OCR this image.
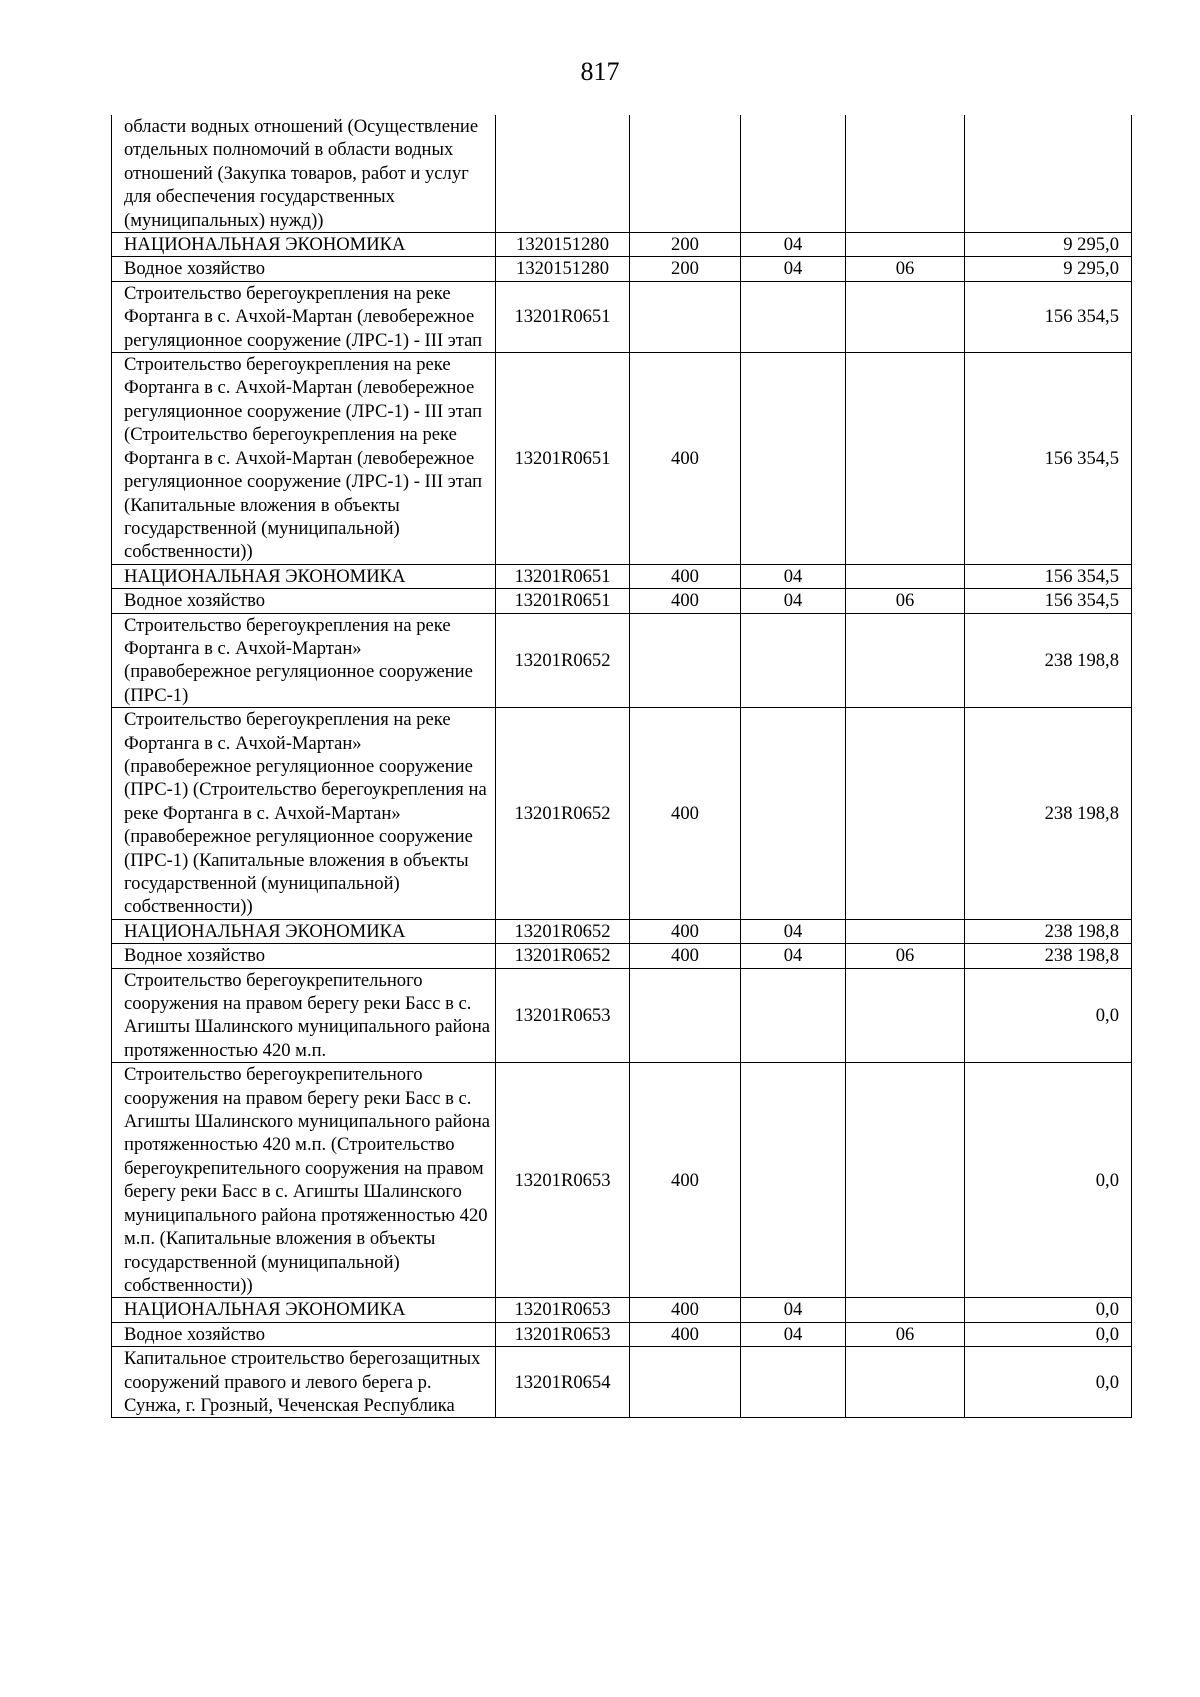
817
области водных отношений (Осуществление отдельных полномочий в области водных отношений (Закупка товаров, работ и услуг для обеспечения государственных (муниципальных) нужд))					
НАЦИОНАЛЬНАЯ ЭКОНОМИКА	1320151280	200	04		9 295,0
Водное хозяйство	1320151280	200	04	06	9 295,0
Строительство берегоукрепления на реке Фортанга в с. Ачхой-Мартан (левобережное регуляционное сооружение (ЛРС-1) - III этап	13201R0651				156 354,5
Строительство берегоукрепления на реке Фортанга в с. Ачхой-Мартан (левобережное регуляционное сооружение (ЛРС-1) - III этап (Строительство берегоукрепления на реке Фортанга в с. Ачхой-Мартан (левобережное регуляционное сооружение (ЛРС-1) - III этап (Капитальные вложения в объекты государственной (муниципальной) собственности))	13201R0651	400			156 354,5
НАЦИОНАЛЬНАЯ ЭКОНОМИКА	13201R0651	400	04		156 354,5
Водное хозяйство	13201R0651	400	04	06	156 354,5
Строительство берегоукрепления на реке Фортанга в с. Ачхой-Мартан» (правобережное регуляционное сооружение (ПРС-1)	13201R0652				238 198,8
Строительство берегоукрепления на реке Фортанга в с. Ачхой-Мартан» (правобережное регуляционное сооружение (ПРС-1) (Строительство берегоукрепления на реке Фортанга в с. Ачхой-Мартан» (правобережное регуляционное сооружение (ПРС-1) (Капитальные вложения в объекты государственной (муниципальной) собственности))	13201R0652	400			238 198,8
НАЦИОНАЛЬНАЯ ЭКОНОМИКА	13201R0652	400	04		238 198,8
Водное хозяйство	13201R0652	400	04	06	238 198,8
Строительство берегоукрепительного сооружения на правом берегу реки Басс в с. Агишты Шалинского муниципального района протяженностью 420 м.п.	13201R0653				0,0
Строительство берегоукрепительного сооружения на правом берегу реки Басс в с. Агишты Шалинского муниципального района протяженностью 420 м.п. (Строительство берегоукрепительного сооружения на правом берегу реки Басс в с. Агишты Шалинского муниципального района протяженностью 420 м.п. (Капитальные вложения в объекты государственной (муниципальной) собственности))	13201R0653	400			0,0
НАЦИОНАЛЬНАЯ ЭКОНОМИКА	13201R0653	400	04		0,0
Водное хозяйство	13201R0653	400	04	06	0,0
Капитальное строительство берегозащитных сооружений правого и левого берега р. Сунжа, г. Грозный, Чеченская Республика	13201R0654				0,0
